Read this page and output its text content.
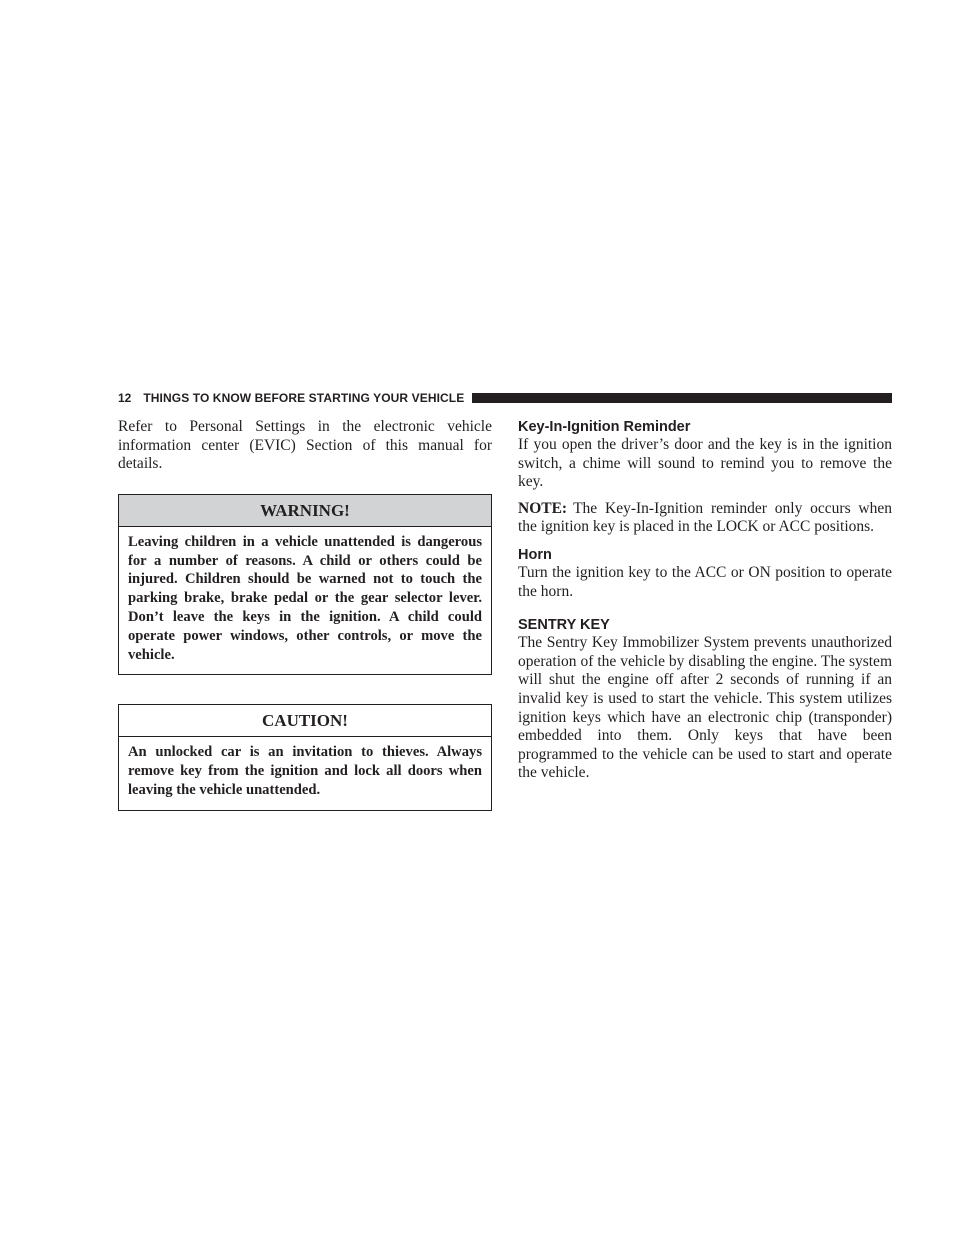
12 THINGS TO KNOW BEFORE STARTING YOUR VEHICLE

Refer to Personal Settings in the electronic vehicle information center (EVIC) Section of this manual for details.

WARNING!
Leaving children in a vehicle unattended is dangerous for a number of reasons. A child or others could be injured. Children should be warned not to touch the parking brake, brake pedal or the gear selector lever. Don’t leave the keys in the ignition. A child could operate power windows, other controls, or move the vehicle.
CAUTION!
An unlocked car is an invitation to thieves. Always remove key from the ignition and lock all doors when leaving the vehicle unattended.
Key-In-Ignition Reminder

If you open the driver’s door and the key is in the ignition switch, a chime will sound to remind you to remove the key.

NOTE: The Key-In-Ignition reminder only occurs when the ignition key is placed in the LOCK or ACC positions.

Horn

Turn the ignition key to the ACC or ON position to operate the horn.

SENTRY KEY

The Sentry Key Immobilizer System prevents unauthorized operation of the vehicle by disabling the engine. The system will shut the engine off after 2 seconds of running if an invalid key is used to start the vehicle. This system utilizes ignition keys which have an electronic chip (transponder) embedded into them. Only keys that have been programmed to the vehicle can be used to start and operate the vehicle.
